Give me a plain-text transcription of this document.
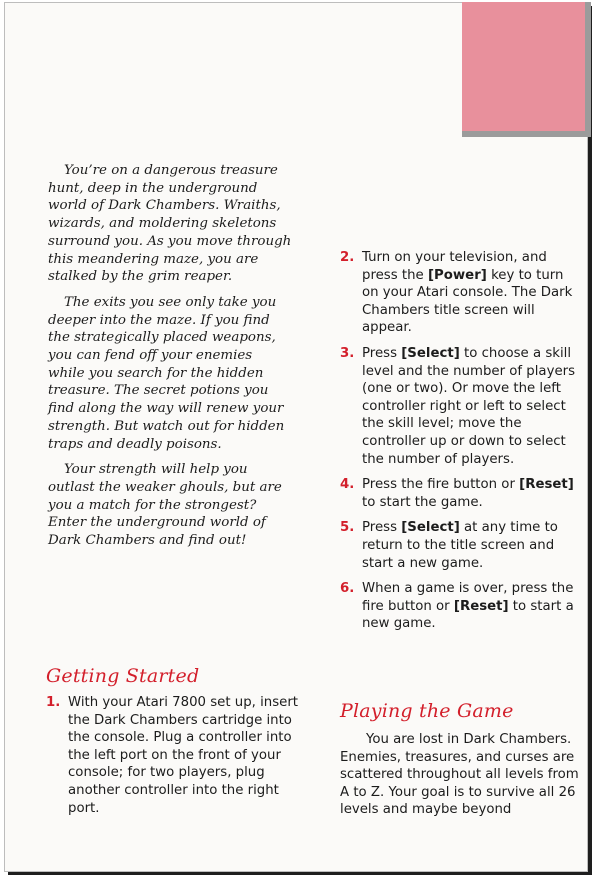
You’re on a dangerous treasure hunt, deep in the underground world of Dark Chambers. Wraiths, wizards, and moldering skeletons surround you. As you move through this meandering maze, you are stalked by the grim reaper.

The exits you see only take you deeper into the maze. If you find the strategically placed weapons, you can fend off your enemies while you search for the hidden treasure. The secret potions you find along the way will renew your strength. But watch out for hidden traps and deadly poisons.

Your strength will help you outlast the weaker ghouls, but are you a match for the strongest? Enter the underground world of Dark Chambers and find out!

Getting Started
1. With your Atari 7800 set up, insert the Dark Chambers cartridge into the console. Plug a controller into the left port on the front of your console; for two players, plug another controller into the right port.
2. Turn on your television, and press the [Power] key to turn on your Atari console. The Dark Chambers title screen will appear.
3. Press [Select] to choose a skill level and the number of players (one or two). Or move the left controller right or left to select the skill level; move the controller up or down to select the number of players.
4. Press the fire button or [Reset] to start the game.
5. Press [Select] at any time to return to the title screen and start a new game.
6. When a game is over, press the fire button or [Reset] to start a new game.
Playing the Game

You are lost in Dark Chambers. Enemies, treasures, and curses are scattered throughout all levels from A to Z. Your goal is to survive all 26 levels and maybe beyond
